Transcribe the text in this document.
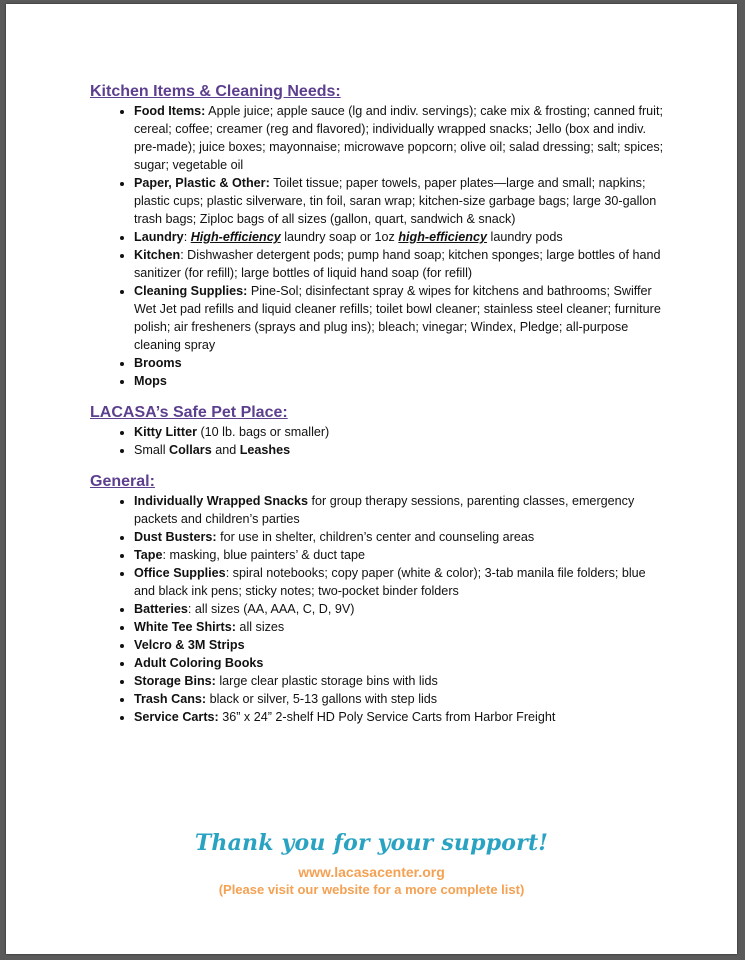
Kitchen Items & Cleaning Needs:
• Food Items: Apple juice; apple sauce (lg and indiv. servings); cake mix & frosting; canned fruit; cereal; coffee; creamer (reg and flavored); individually wrapped snacks; Jello (box and indiv. pre-made); juice boxes; mayonnaise; microwave popcorn; olive oil; salad dressing; salt; spices; sugar; vegetable oil
• Paper, Plastic & Other: Toilet tissue; paper towels, paper plates—large and small; napkins; plastic cups; plastic silverware, tin foil, saran wrap; kitchen-size garbage bags; large 30-gallon trash bags; Ziploc bags of all sizes (gallon, quart, sandwich & snack)
• Laundry: High-efficiency laundry soap or 1oz high-efficiency laundry pods
• Kitchen: Dishwasher detergent pods; pump hand soap; kitchen sponges; large bottles of hand sanitizer (for refill); large bottles of liquid hand soap (for refill)
• Cleaning Supplies: Pine-Sol; disinfectant spray & wipes for kitchens and bathrooms; Swiffer Wet Jet pad refills and liquid cleaner refills; toilet bowl cleaner; stainless steel cleaner; furniture polish; air fresheners (sprays and plug ins); bleach; vinegar; Windex, Pledge; all-purpose cleaning spray
• Brooms
• Mops
LACASA’s Safe Pet Place:
• Kitty Litter (10 lb. bags or smaller)
• Small Collars and Leashes
General:
• Individually Wrapped Snacks for group therapy sessions, parenting classes, emergency packets and children’s parties
• Dust Busters: for use in shelter, children’s center and counseling areas
• Tape: masking, blue painters’ & duct tape
• Office Supplies: spiral notebooks; copy paper (white & color); 3-tab manila file folders; blue and black ink pens; sticky notes; two-pocket binder folders
• Batteries: all sizes (AA, AAA, C, D, 9V)
• White Tee Shirts: all sizes
• Velcro & 3M Strips
• Adult Coloring Books
• Storage Bins: large clear plastic storage bins with lids
• Trash Cans: black or silver, 5-13 gallons with step lids
• Service Carts: 36” x 24” 2-shelf HD Poly Service Carts from Harbor Freight
Thank you for your support!
www.lacasacenter.org
(Please visit our website for a more complete list)
